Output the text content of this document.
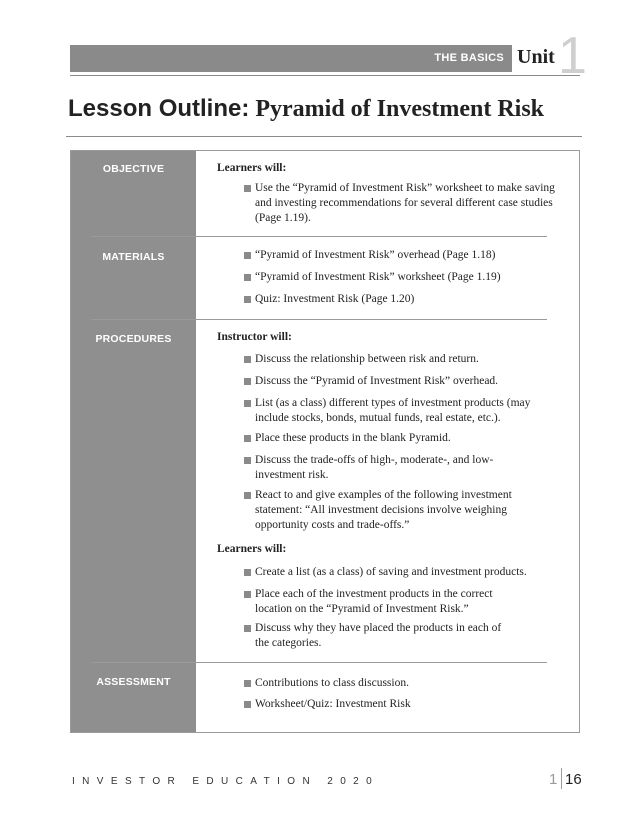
THE BASICS Unit 1
Lesson Outline: Pyramid of Investment Risk
OBJECTIVE
MATERIALS
PROCEDURES
ASSESSMENT
Learners will:
Use the “Pyramid of Investment Risk” worksheet to make saving and investing recommendations for several different case studies (Page 1.19).
“Pyramid of Investment Risk” overhead (Page 1.18)
“Pyramid of Investment Risk” worksheet (Page 1.19)
Quiz: Investment Risk (Page 1.20)
Instructor will:
Discuss the relationship between risk and return.
Discuss the “Pyramid of Investment Risk” overhead.
List (as a class) different types of investment products (may include stocks, bonds, mutual funds, real estate, etc.).
Place these products in the blank Pyramid.
Discuss the trade-offs of high-, moderate-, and low-investment risk.
React to and give examples of the following investment statement: “All investment decisions involve weighing opportunity costs and trade-offs.”
Learners will:
Create a list (as a class) of saving and investment products.
Place each of the investment products in the correct location on the “Pyramid of Investment Risk.”
Discuss why they have placed the products in each of the categories.
Contributions to class discussion.
Worksheet/Quiz: Investment Risk
INVESTOR EDUCATION 2020	1 16
